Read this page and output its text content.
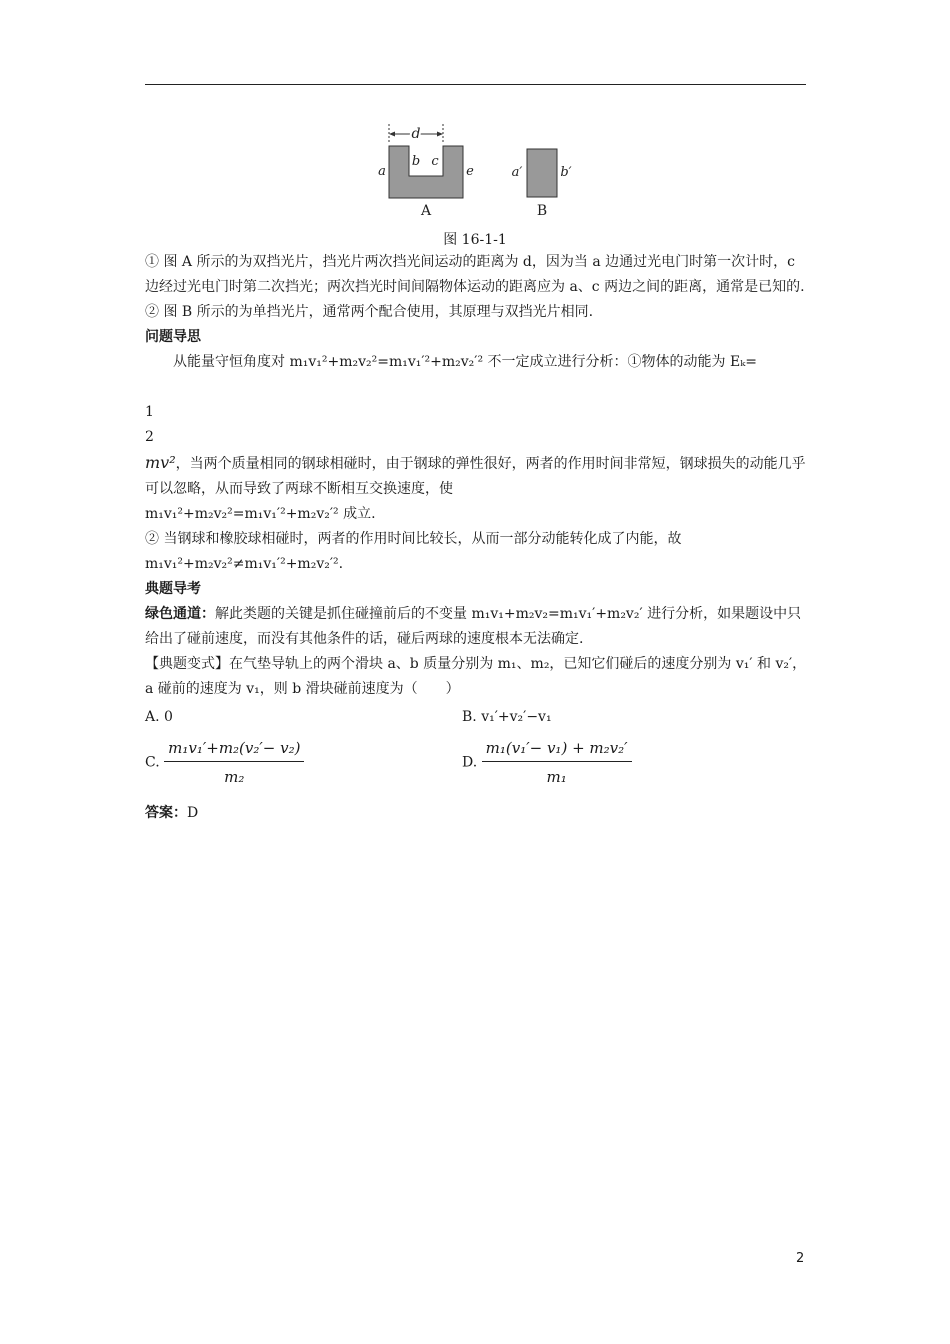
d
a
b c
e
A
a′	b′
B
图 16-1-1

① 图 A 所示的为双挡光片，挡光片两次挡光间运动的距离为 d，因为当 a 边通过光电门时第一次计时，c 边经过光电门时第二次挡光；两次挡光时间间隔物体运动的距离应为 a、c 两边之间的距离，通常是已知的. ② 图 B 所示的为单挡光片，通常两个配合使用，其原理与双挡光片相同.

问题导思

从能量守恒角度对 m₁v₁²+m₂v₂²=m₁v₁′²+m₂v₂′² 不一定成立进行分析：①物体的动能为 Eₖ=

1
2
mv²，当两个质量相同的钢球相碰时，由于钢球的弹性很好，两者的作用时间非常短，钢球损失的动能几乎可以忽略，从而导致了两球不断相互交换速度，使

m₁v₁²+m₂v₂²=m₁v₁′²+m₂v₂′² 成立.

② 当钢球和橡胶球相碰时，两者的作用时间比较长，从而一部分动能转化成了内能，故 m₁v₁²+m₂v₂²≠m₁v₁′²+m₂v₂′².

典题导考

绿色通道：解此类题的关键是抓住碰撞前后的不变量 m₁v₁+m₂v₂=m₁v₁′+m₂v₂′ 进行分析，如果题设中只给出了碰前速度，而没有其他条件的话，碰后两球的速度根本无法确定.

【典题变式】在气垫导轨上的两个滑块 a、b 质量分别为 m₁、m₂，已知它们碰后的速度分别为 v₁′ 和 v₂′，a 碰前的速度为 v₁，则 b 滑块碰前速度为（　　）

A. 0	B. v₁′+v₂′−v₁
C. $\frac{\text{m₁v₁′+m₂(v₂′− v₂)}}{\text{m₂}}$	D. $\frac{\text{m₁(v₁′− v₁) + m₂v₂′}}{\text{m₁}}$

答案：D

2
